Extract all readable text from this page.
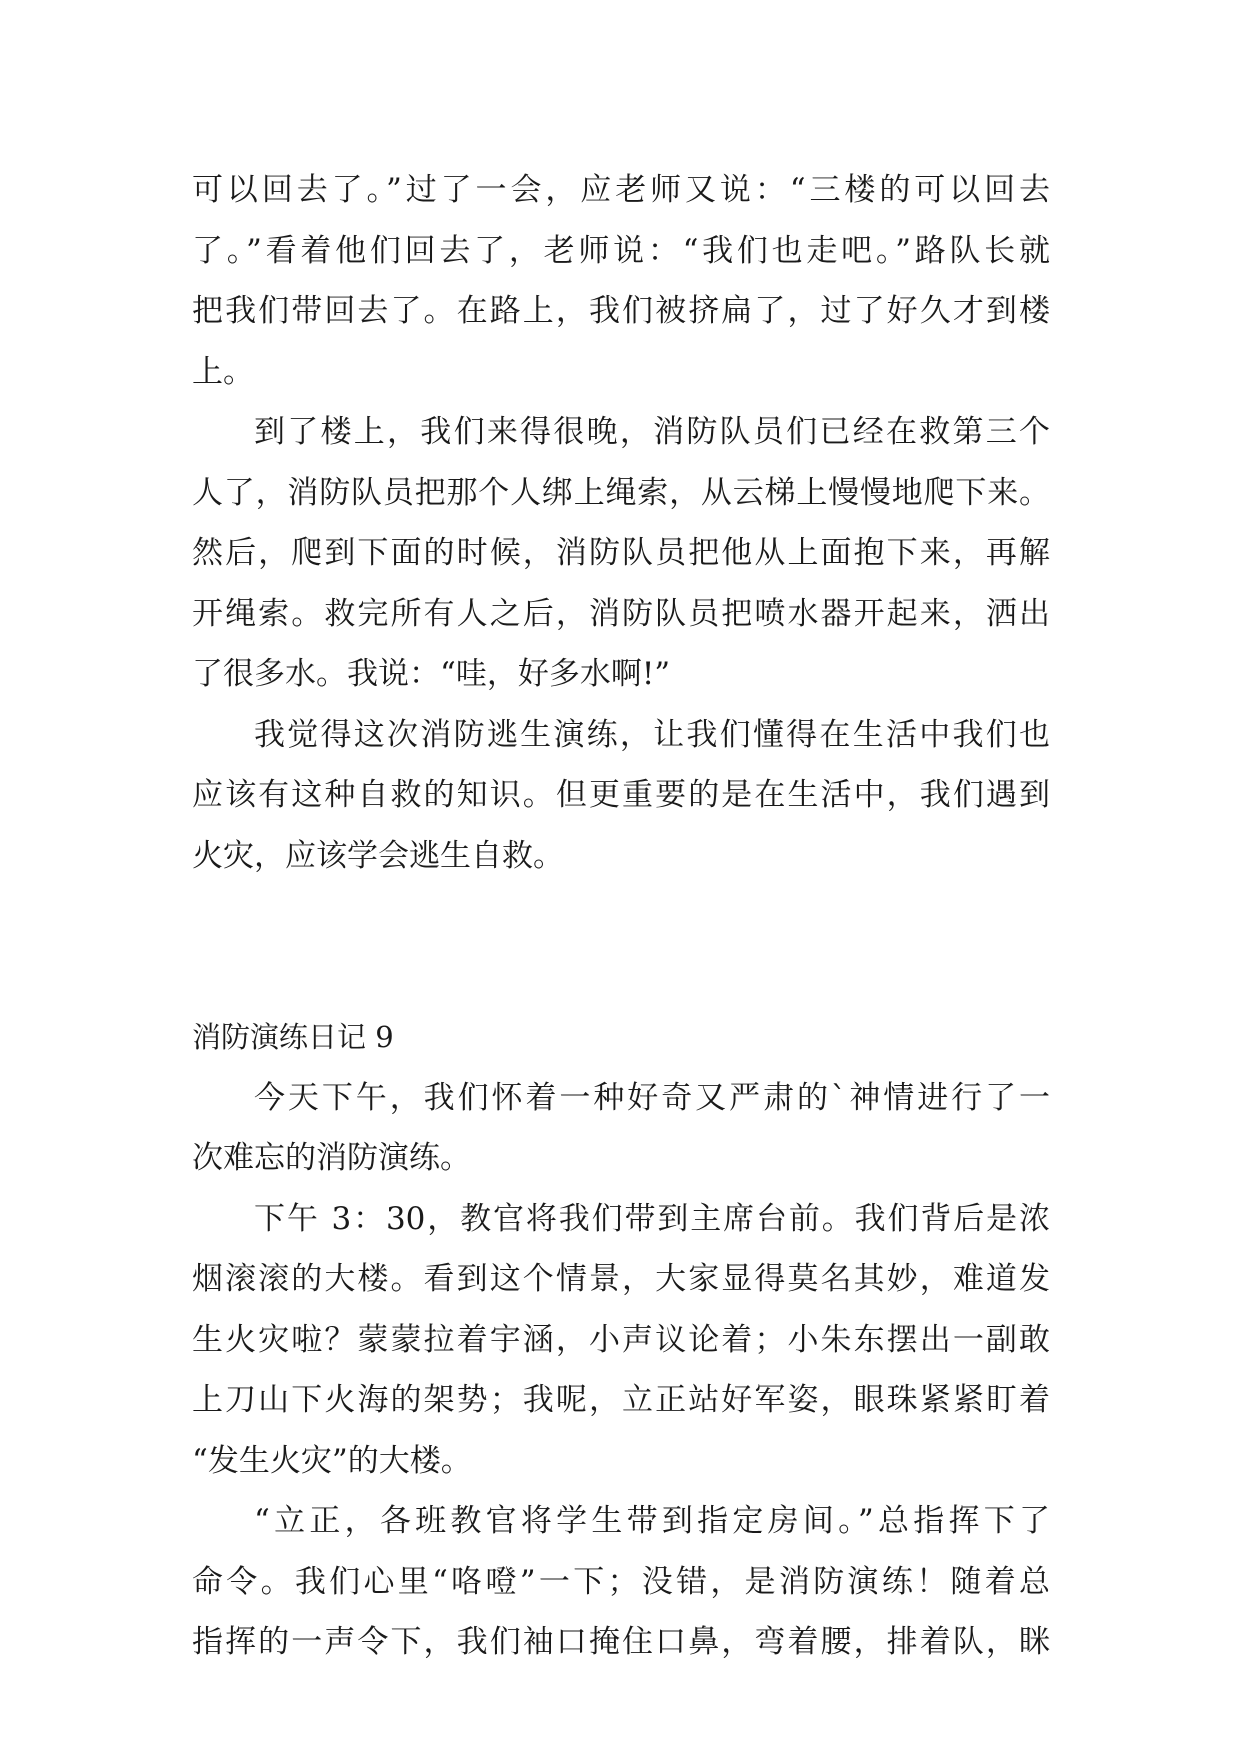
可以回去了。”过了一会，应老师又说：“三楼的可以回去
了。”看着他们回去了，老师说：“我们也走吧。”路队长就
把我们带回去了。在路上，我们被挤扁了，过了好久才到楼
上。
到了楼上，我们来得很晚，消防队员们已经在救第三个
人了，消防队员把那个人绑上绳索，从云梯上慢慢地爬下来。
然后，爬到下面的时候，消防队员把他从上面抱下来，再解
开绳索。救完所有人之后，消防队员把喷水器开起来，洒出
了很多水。我说：“哇，好多水啊!”
我觉得这次消防逃生演练，让我们懂得在生活中我们也
应该有这种自救的知识。但更重要的是在生活中，我们遇到
火灾，应该学会逃生自救。
消防演练日记 9
今天下午，我们怀着一种好奇又严肃的`神情进行了一
次难忘的消防演练。
下午 3：30，教官将我们带到主席台前。我们背后是浓
烟滚滚的大楼。看到这个情景，大家显得莫名其妙，难道发
生火灾啦？蒙蒙拉着宇涵，小声议论着；小朱东摆出一副敢
上刀山下火海的架势；我呢，立正站好军姿，眼珠紧紧盯着
“发生火灾”的大楼。
“立正，各班教官将学生带到指定房间。”总指挥下了
命令。我们心里“咯噔”一下；没错，是消防演练！随着总
指挥的一声令下，我们袖口掩住口鼻，弯着腰，排着队，眯
